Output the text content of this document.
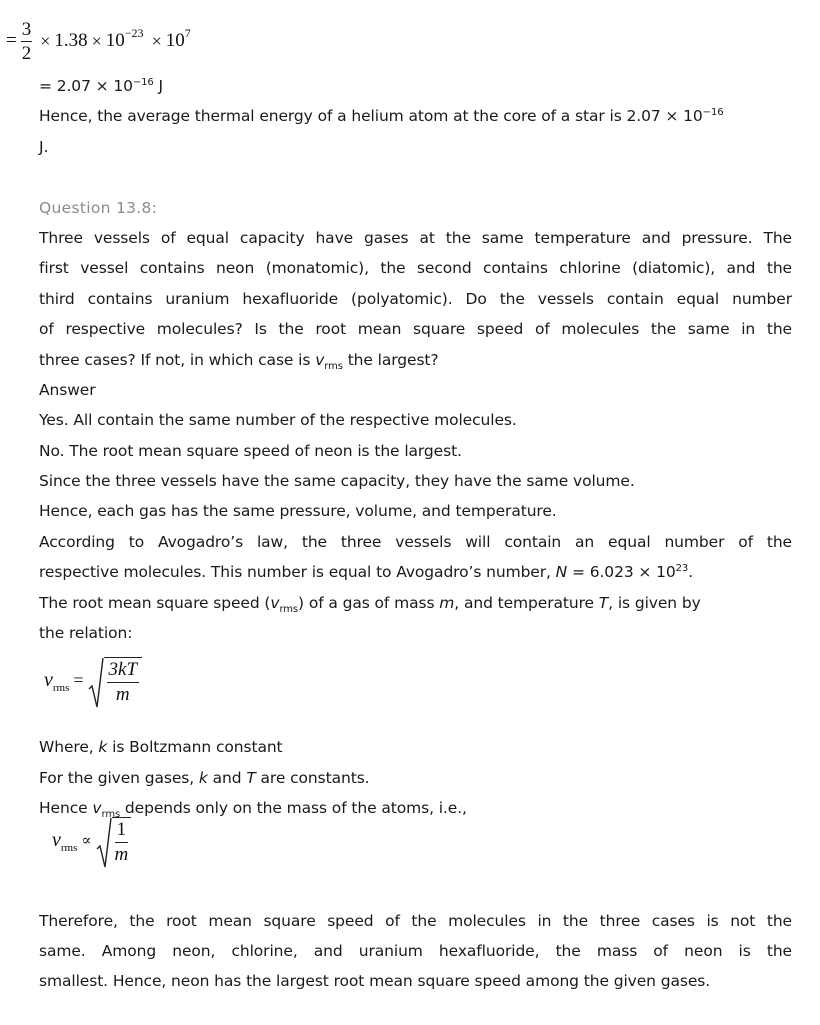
= $\frac{3}{2} \times 1.38 \times 10^{-23} \times 10^7$
= $2.07 \times 10^{-16}$ J
Hence, the average thermal energy of a helium atom at the core of a star is $2.07 \times 10^{-16}$
J.
Question 13.8:
Three vessels of equal capacity have gases at the same temperature and pressure. The
first vessel contains neon (monatomic), the second contains chlorine (diatomic), and the
third contains uranium hexafluoride (polyatomic). Do the vessels contain equal number
of respective molecules? Is the root mean square speed of molecules the same in the
three cases? If not, in which case is $v_{rms}$ the largest?
Answer
Yes. All contain the same number of the respective molecules.
No. The root mean square speed of neon is the largest.
Since the three vessels have the same capacity, they have the same volume.
Hence, each gas has the same pressure, volume, and temperature.
According to Avogadro’s law, the three vessels will contain an equal number of the
respective molecules. This number is equal to Avogadro’s number, $N = 6.023 \times 10^{23}$.
The root mean square speed $(v_{rms})$ of a gas of mass m, and temperature T, is given by
the relation:
Where, k is Boltzmann constant
For the given gases, k and T are constants.
Hence $v_{rms}$ depends only on the mass of the atoms, i.e.,
Therefore, the root mean square speed of the molecules in the three cases is not the
same. Among neon, chlorine, and uranium hexafluoride, the mass of neon is the
smallest. Hence, neon has the largest root mean square speed among the given gases.
$v_{rms} = \frac{3kT}{m}$
$v_{rms} \propto \frac{1}{m}$
